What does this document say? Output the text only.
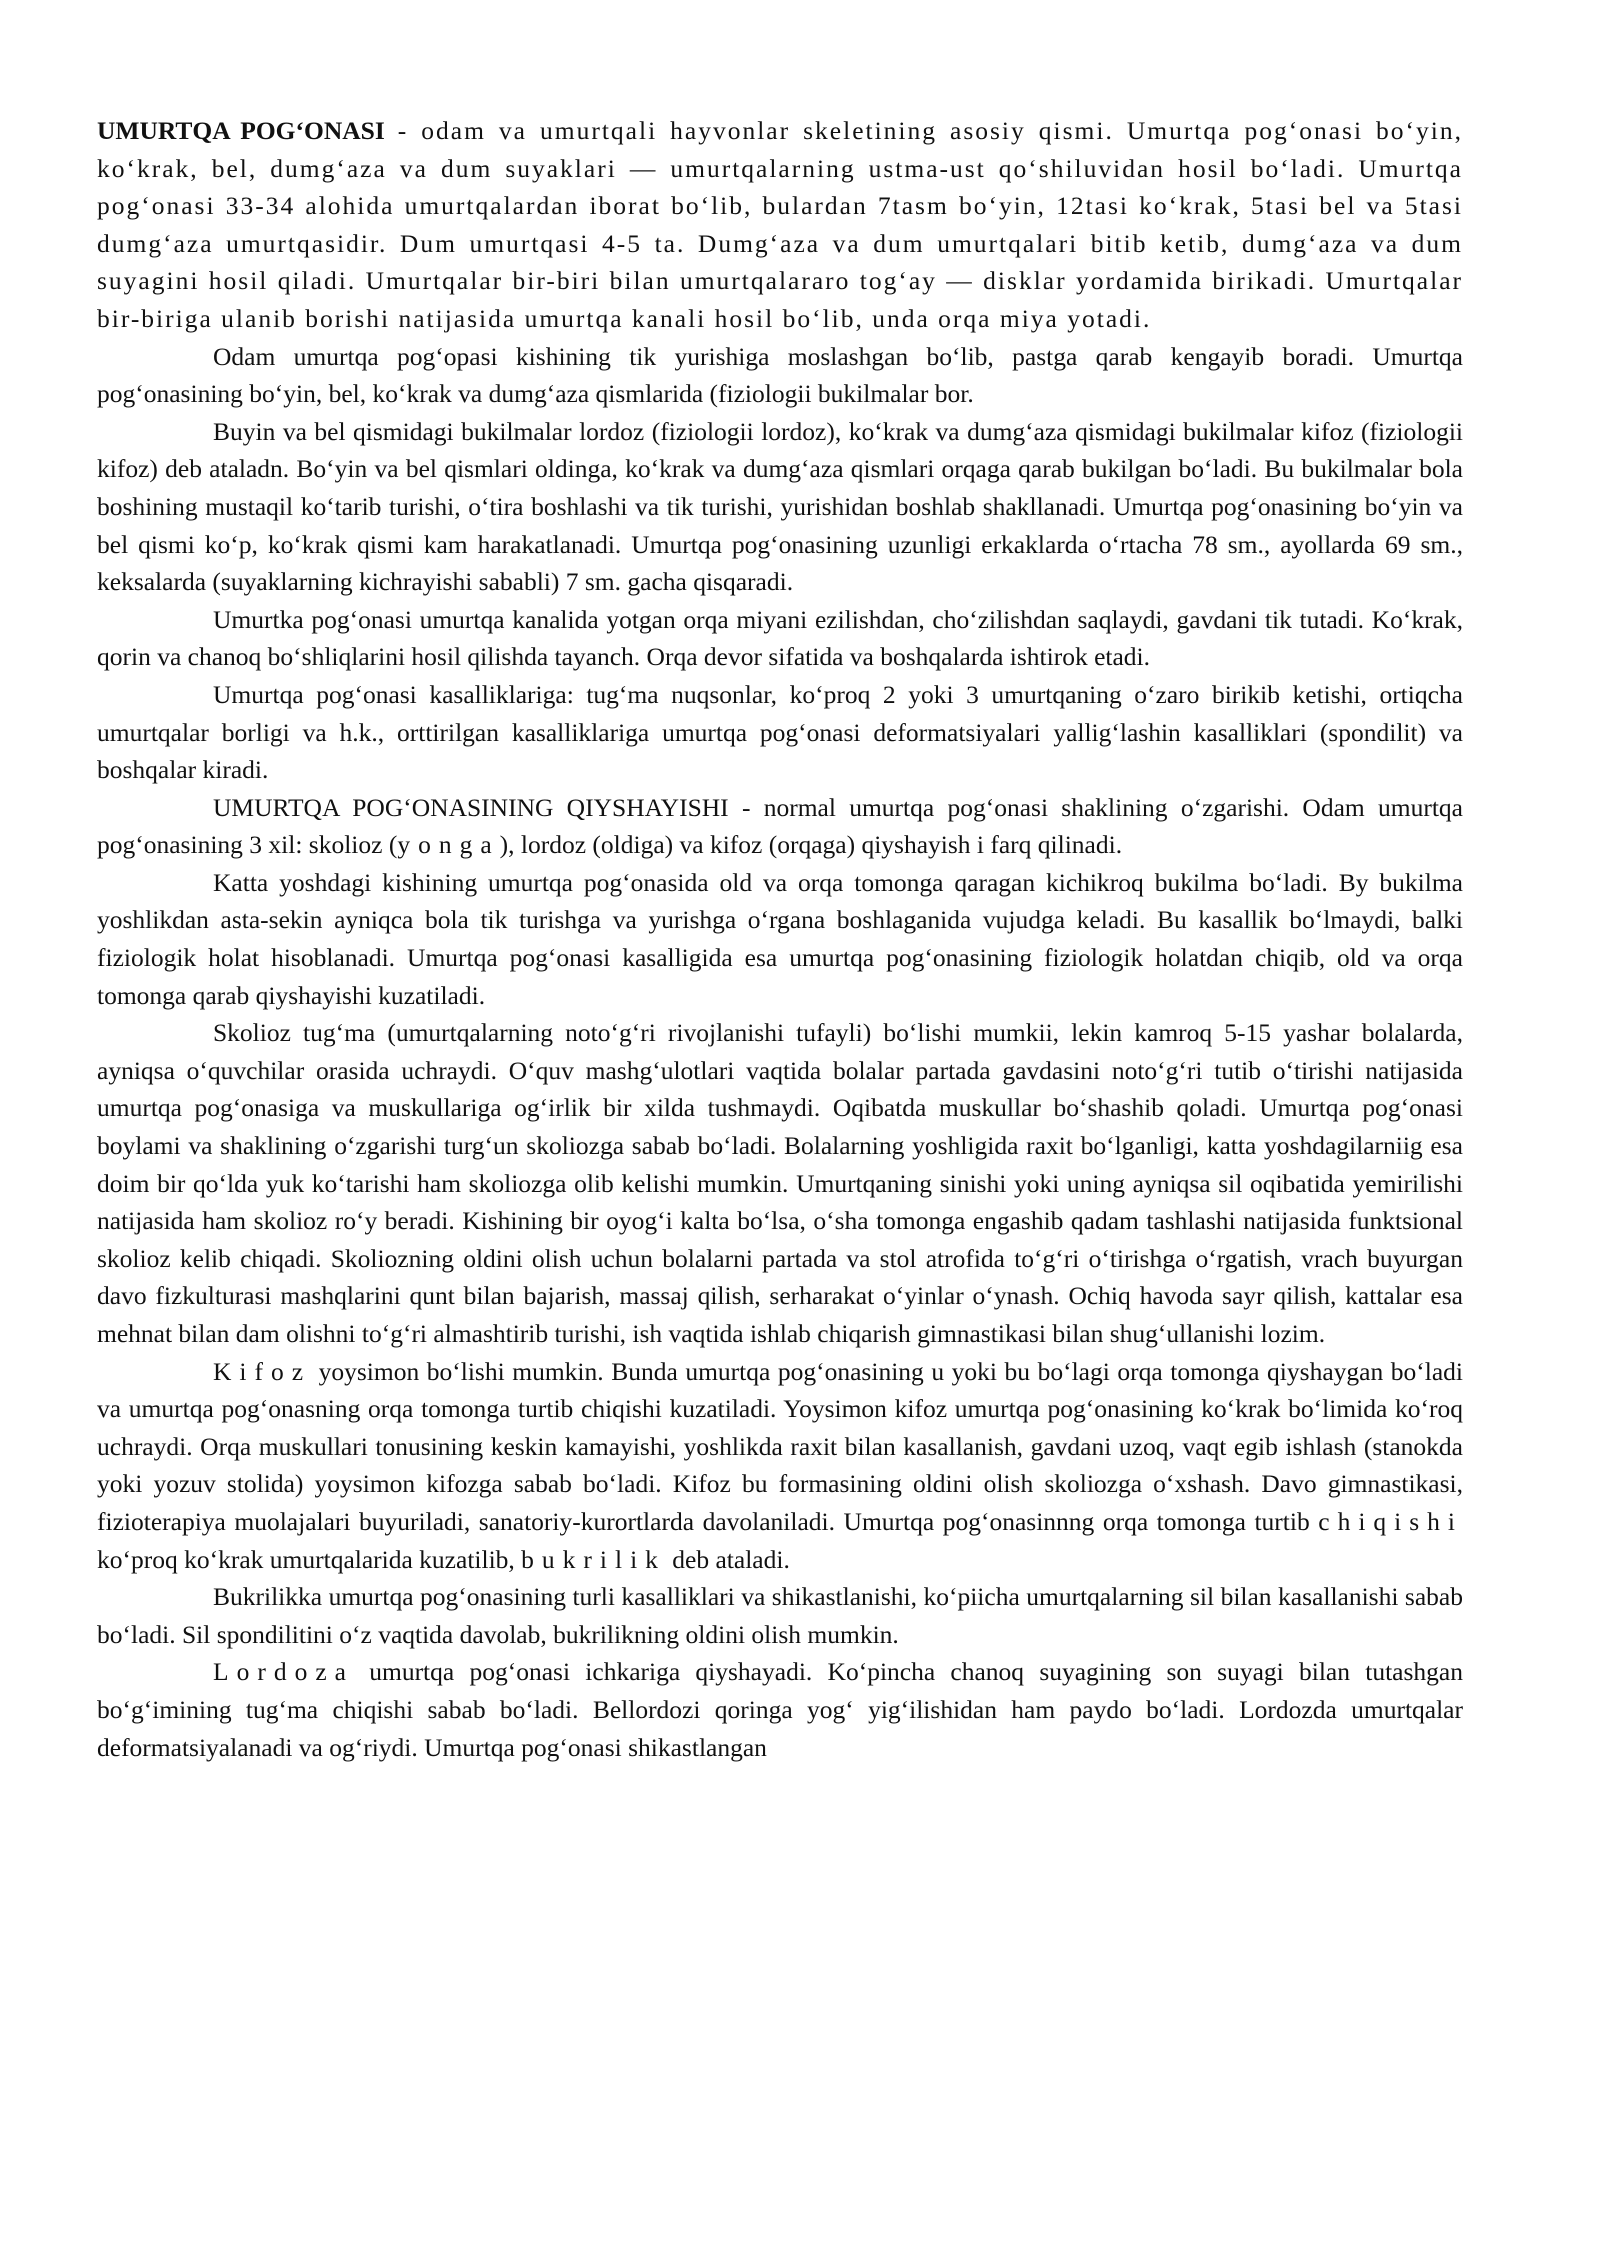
UMURTQA POG‘ONASI - odam va umurtqali hayvonlar skeletining asosiy qismi. Umurtqa pog‘onasi bo‘yin, ko‘krak, bel, dumg‘aza va dum suyaklari — umurtqalarning ustma-ust qo‘shiluvidan hosil bo‘ladi. Umurtqa pog‘onasi 33-34 alohida umurtqalardan iborat bo‘lib, bulardan 7tasm bo‘yin, 12tasi ko‘krak, 5tasi bel va 5tasi dumg‘aza umurtqasidir. Dum umurtqasi 4-5 ta. Dumg‘aza va dum umurtqalari bitib ketib, dumg‘aza va dum suyagini hosil qiladi. Umurtqalar bir-biri bilan umurtqalararo tog‘ay — disklar yordamida birikadi. Umurtqalar bir-biriga ulanib borishi natijasida umurtqa kanali hosil bo‘lib, unda orqa miya yotadi.

Odam umurtqa pog‘opasi kishining tik yurishiga moslashgan bo‘lib, pastga qarab kengayib boradi. Umurtqa pog‘onasining bo‘yin, bel, ko‘krak va dumg‘aza qismlarida (fiziologii bukilmalar bor.

Buyin va bel qismidagi bukilmalar lordoz (fiziologii lordoz), ko‘krak va dumg‘aza qismidagi bukilmalar kifoz (fiziologii kifoz) deb ataladn. Bo‘yin va bel qismlari oldinga, ko‘krak va dumg‘aza qismlari orqaga qarab bukilgan bo‘ladi. Bu bukilmalar bola boshining mustaqil ko‘tarib turishi, o‘tira boshlashi va tik turishi, yurishidan boshlab shakllanadi. Umurtqa pog‘onasining bo‘yin va bel qismi ko‘p, ko‘krak qismi kam harakatlanadi. Umurtqa pog‘onasining uzunligi erkaklarda o‘rtacha 78 sm., ayollarda 69 sm., keksalarda (suyaklarning kichrayishi sababli) 7 sm. gacha qisqaradi.

Umurtka pog‘onasi umurtqa kanalida yotgan orqa miyani ezilishdan, cho‘zilishdan saqlaydi, gavdani tik tutadi. Ko‘krak, qorin va chanoq bo‘shliqlarini hosil qilishda tayanch. Orqa devor sifatida va boshqalarda ishtirok etadi.

Umurtqa pog‘onasi kasalliklariga: tug‘ma nuqsonlar, ko‘proq 2 yoki 3 umurtqaning o‘zaro birikib ketishi, ortiqcha umurtqalar borligi va h.k., orttirilgan kasalliklariga umurtqa pog‘onasi deformatsiyalari yallig‘lashin kasalliklari (spondilit) va boshqalar kiradi.

UMURTQA POG‘ONASINING QIYSHAYISHI - normal umurtqa pog‘onasi shaklining o‘zgarishi. Odam umurtqa pog‘onasining 3 xil: skolioz (yonga), lordoz (oldiga) va kifoz (orqaga) qiyshayish i farq qilinadi.

Katta yoshdagi kishining umurtqa pog‘onasida old va orqa tomonga qaragan kichikroq bukilma bo‘ladi. By bukilma yoshlikdan asta-sekin ayniqca bola tik turishga va yurishga o‘rgana boshlaganida vujudga keladi. Bu kasallik bo‘lmaydi, balki fiziologik holat hisoblanadi. Umurtqa pog‘onasi kasalligida esa umurtqa pog‘onasining fiziologik holatdan chiqib, old va orqa tomonga qarab qiyshayishi kuzatiladi.

Skolioz tug‘ma (umurtqalarning noto‘g‘ri rivojlanishi tufayli) bo‘lishi mumkii, lekin kamroq 5-15 yashar bolalarda, ayniqsa o‘quvchilar orasida uchraydi. O‘quv mashg‘ulotlari vaqtida bolalar partada gavdasini noto‘g‘ri tutib o‘tirishi natijasida umurtqa pog‘onasiga va muskullariga og‘irlik bir xilda tushmaydi. Oqibatda muskullar bo‘shashib qoladi. Umurtqa pog‘onasi boylami va shaklining o‘zgarishi turg‘un skoliozga sabab bo‘ladi. Bolalarning yoshligida raxit bo‘lganligi, katta yoshdagilarniig esa doim bir qo‘lda yuk ko‘tarishi ham skoliozga olib kelishi mumkin. Umurtqaning sinishi yoki uning ayniqsa sil oqibatida yemirilishi natijasida ham skolioz ro‘y beradi. Kishining bir oyog‘i kalta bo‘lsa, o‘sha tomonga engashib qadam tashlashi natijasida funktsional skolioz kelib chiqadi. Skoliozning oldini olish uchun bolalarni partada va stol atrofida to‘g‘ri o‘tirishga o‘rgatish, vrach buyurgan davo fizkulturasi mashqlarini qunt bilan bajarish, massaj qilish, serharakat o‘yinlar o‘ynash. Ochiq havoda sayr qilish, kattalar esa mehnat bilan dam olishni to‘g‘ri almashtirib turishi, ish vaqtida ishlab chiqarish gimnastikasi bilan shug‘ullanishi lozim.

Kifoz yoysimon bo‘lishi mumkin. Bunda umurtqa pog‘onasining u yoki bu bo‘lagi orqa tomonga qiyshaygan bo‘ladi va umurtqa pog‘onasning orqa tomonga turtib chiqishi kuzatiladi. Yoysimon kifoz umurtqa pog‘onasining ko‘krak bo‘limida ko‘roq uchraydi. Orqa muskullari tonusining keskin kamayishi, yoshlikda raxit bilan kasallanish, gavdani uzoq, vaqt egib ishlash (stanokda yoki yozuv stolida) yoysimon kifozga sabab bo‘ladi. Kifoz bu formasining oldini olish skoliozga o‘xshash. Davo gimnastikasi, fizioterapiya muolajalari buyuriladi, sanatoriy-kurortlarda davolaniladi. Umurtqa pog‘onasinnng orqa tomonga turtib chiqishi ko‘proq ko‘krak umurtqalarida kuzatilib, bukrilik deb ataladi.

Bukrilikka umurtqa pog‘onasining turli kasalliklari va shikastlanishi, ko‘piicha umurtqalarning sil bilan kasallanishi sabab bo‘ladi. Sil spondilitini o‘z vaqtida davolab, bukrilikning oldini olish mumkin.

Lordoza umurtqa pog‘onasi ichkariga qiyshayadi. Ko‘pincha chanoq suyagining son suyagi bilan tutashgan bo‘g‘imining tug‘ma chiqishi sabab bo‘ladi. Bellordozi qoringa yog‘ yig‘ilishidan ham paydo bo‘ladi. Lordozda umurtqalar deformatsiyalanadi va og‘riydi. Umurtqa pog‘onasi shikastlangan
